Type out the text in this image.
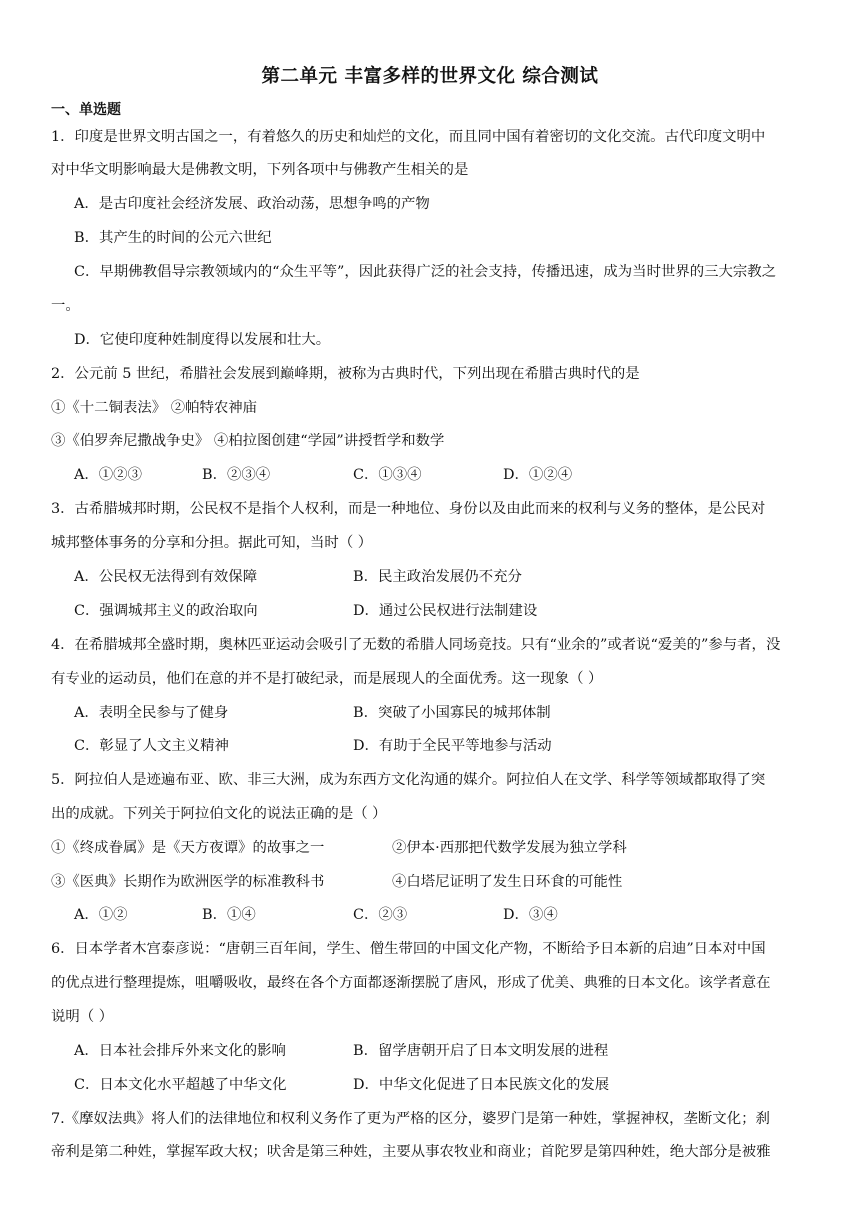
第二单元 丰富多样的世界文化 综合测试
一、单选题
1．印度是世界文明古国之一，有着悠久的历史和灿烂的文化，而且同中国有着密切的文化交流。古代印度文明中
对中华文明影响最大是佛教文明，下列各项中与佛教产生相关的是
A．是古印度社会经济发展、政治动荡，思想争鸣的产物
B．其产生的时间的公元六世纪
C．早期佛教倡导宗教领域内的“众生平等”，因此获得广泛的社会支持，传播迅速，成为当时世界的三大宗教之
一。
D．它使印度种姓制度得以发展和壮大。
2．公元前 5 世纪，希腊社会发展到巅峰期，被称为古典时代，下列出现在希腊古典时代的是
①《十二铜表法》 ②帕特农神庙
③《伯罗奔尼撒战争史》 ④柏拉图创建“学园”讲授哲学和数学
A．①②③	B．②③④	C．①③④	D．①②④
3．古希腊城邦时期，公民权不是指个人权利，而是一种地位、身份以及由此而来的权利与义务的整体，是公民对
城邦整体事务的分享和分担。据此可知，当时（ ）
A．公民权无法得到有效保障	B．民主政治发展仍不充分
C．强调城邦主义的政治取向	D．通过公民权进行法制建设
4．在希腊城邦全盛时期，奥林匹亚运动会吸引了无数的希腊人同场竞技。只有“业余的”或者说“爱美的”参与者，没
有专业的运动员，他们在意的并不是打破纪录，而是展现人的全面优秀。这一现象（ ）
A．表明全民参与了健身	B．突破了小国寡民的城邦体制
C．彰显了人文主义精神	D．有助于全民平等地参与活动
5．阿拉伯人是迹遍布亚、欧、非三大洲，成为东西方文化沟通的媒介。阿拉伯人在文学、科学等领域都取得了突
出的成就。下列关于阿拉伯文化的说法正确的是（ ）
①《终成眷属》是《天方夜谭》的故事之一	②伊本·西那把代数学发展为独立学科
③《医典》长期作为欧洲医学的标准教科书	④白塔尼证明了发生日环食的可能性
A．①②	B．①④	C．②③	D．③④
6．日本学者木宫泰彦说：“唐朝三百年间，学生、僧生带回的中国文化产物，不断给予日本新的启迪”日本对中国
的优点进行整理提炼，咀嚼吸收，最终在各个方面都逐渐摆脱了唐风，形成了优美、典雅的日本文化。该学者意在
说明（ ）
A．日本社会排斥外来文化的影响	B．留学唐朝开启了日本文明发展的进程
C．日本文化水平超越了中华文化	D．中华文化促进了日本民族文化的发展
7.《摩奴法典》将人们的法律地位和权利义务作了更为严格的区分，婆罗门是第一种姓，掌握神权，垄断文化；刹
帝利是第二种姓，掌握军政大权；吠舍是第三种姓，主要从事农牧业和商业；首陀罗是第四种姓，绝大部分是被雅
